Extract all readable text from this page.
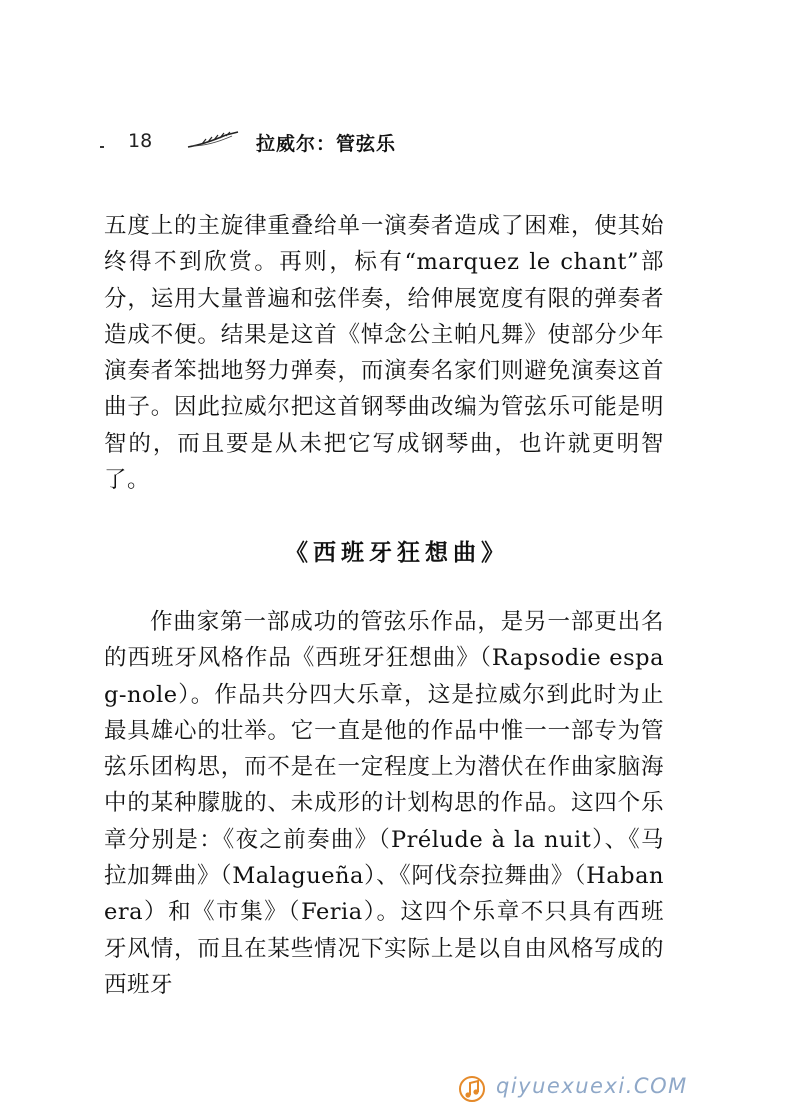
18	拉威尔：管弦乐

五度上的主旋律重叠给单一演奏者造成了困难，使其始终得不到欣赏。再则，标有“marquez le chant”部分，运用大量普遍和弦伴奏，给伸展宽度有限的弹奏者造成不便。结果是这首《悼念公主帕凡舞》使部分少年演奏者笨拙地努力弹奏，而演奏名家们则避免演奏这首曲子。因此拉威尔把这首钢琴曲改编为管弦乐可能是明智的，而且要是从未把它写成钢琴曲，也许就更明智了。

《西班牙狂想曲》

作曲家第一部成功的管弦乐作品，是另一部更出名的西班牙风格作品《西班牙狂想曲》（Rapsodie espag-nole）。作品共分四大乐章，这是拉威尔到此时为止最具雄心的壮举。它一直是他的作品中惟一一部专为管弦乐团构思，而不是在一定程度上为潜伏在作曲家脑海中的某种朦胧的、未成形的计划构思的作品。这四个乐章分别是：《夜之前奏曲》（Prélude à la nuit）、《马拉加舞曲》（Malagueña）、《阿伐奈拉舞曲》（Habanera）和《市集》（Feria）。这四个乐章不只具有西班牙风情，而且在某些情况下实际上是以自由风格写成的西班牙

qiyuexuexi.COM
